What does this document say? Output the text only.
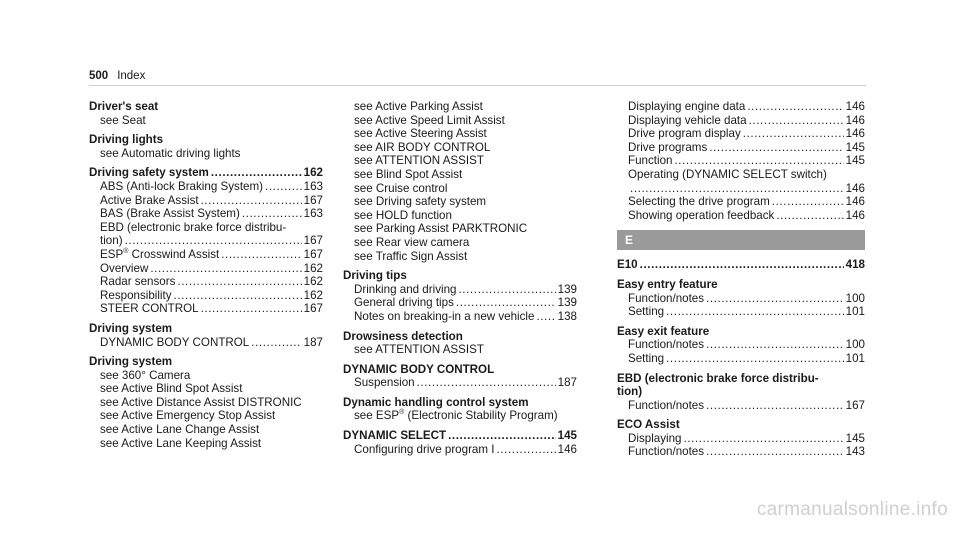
500 Index
Driver's seat
see Seat
Driving lights
see Automatic driving lights
Driving safety system .....	162
ABS (Anti-lock Braking System) .....	163
Active Brake Assist .....	167
BAS (Brake Assist System) .....	163
EBD (electronic brake force distribu-
tion) .....	167
ESP® Crosswind Assist .....	167
Overview .....	162
Radar sensors .....	162
Responsibility .....	162
STEER CONTROL .....	167
Driving system
DYNAMIC BODY CONTROL .....	187
Driving system
see 360° Camera
see Active Blind Spot Assist
see Active Distance Assist DISTRONIC
see Active Emergency Stop Assist
see Active Lane Change Assist
see Active Lane Keeping Assist
see Active Parking Assist
see Active Speed Limit Assist
see Active Steering Assist
see AIR BODY CONTROL
see ATTENTION ASSIST
see Blind Spot Assist
see Cruise control
see Driving safety system
see HOLD function
see Parking Assist PARKTRONIC
see Rear view camera
see Traffic Sign Assist
Driving tips
Drinking and driving .....	139
General driving tips .....	139
Notes on breaking-in a new vehicle ..... 138
Drowsiness detection
see ATTENTION ASSIST
DYNAMIC BODY CONTROL
Suspension .....	187
Dynamic handling control system
see ESP® (Electronic Stability Program)
DYNAMIC SELECT .....	145
Configuring drive program I .....	146
Displaying engine data .....	146
Displaying vehicle data .....	146
Drive program display .....	146
Drive programs .....	145
Function .....	145
Operating (DYNAMIC SELECT switch)
.....
146
Selecting the drive program .....	146
Showing operation feedback .....	146
E
E10 .....	418
Easy entry feature
Function/notes .....	100
Setting .....	101
Easy exit feature
Function/notes .....	100
Setting .....	101
EBD (electronic brake force distribu-
tion)
Function/notes .....	167
ECO Assist
Displaying .....	145
Function/notes .....	143
carmanualsonline.info
